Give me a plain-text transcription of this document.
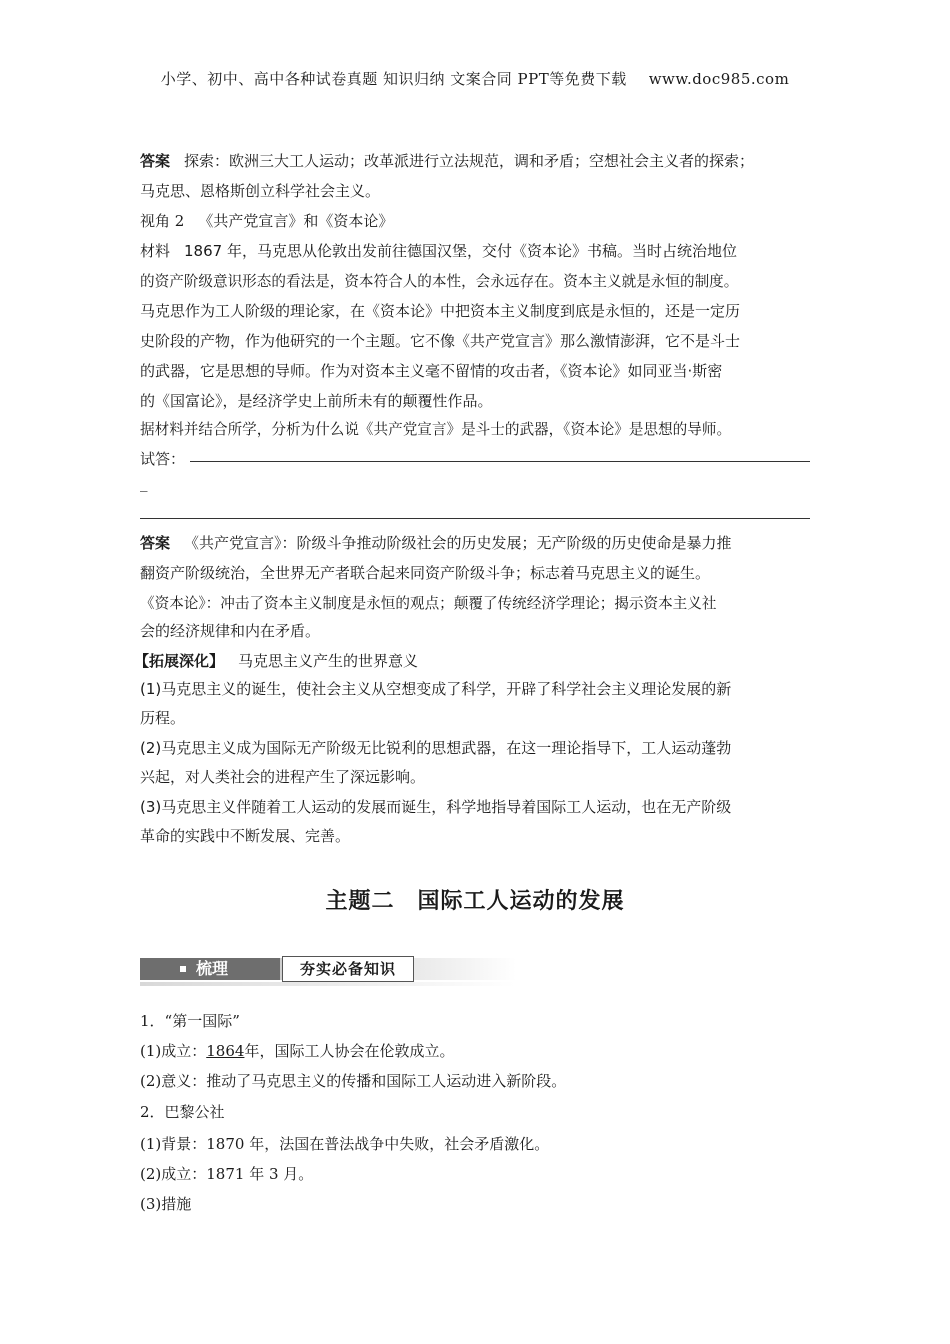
小学、初中、高中各种试卷真题 知识归纳 文案合同 PPT等免费下载 www.doc985.com
答案 探索：欧洲三大工人运动；改革派进行立法规范，调和矛盾；空想社会主义者的探索；
马克思、恩格斯创立科学社会主义。
视角 2 《共产党宣言》和《资本论》
材料 1867 年，马克思从伦敦出发前往德国汉堡，交付《资本论》书稿。当时占统治地位
的资产阶级意识形态的看法是，资本符合人的本性，会永远存在。资本主义就是永恒的制度。
马克思作为工人阶级的理论家，在《资本论》中把资本主义制度到底是永恒的，还是一定历
史阶段的产物，作为他研究的一个主题。它不像《共产党宣言》那么激情澎湃，它不是斗士
的武器，它是思想的导师。作为对资本主义毫不留情的攻击者，《资本论》如同亚当·斯密
的《国富论》，是经济学史上前所未有的颠覆性作品。
据材料并结合所学，分析为什么说《共产党宣言》是斗士的武器，《资本论》是思想的导师。
试答：
_
答案 《共产党宣言》：阶级斗争推动阶级社会的历史发展；无产阶级的历史使命是暴力推
翻资产阶级统治，全世界无产者联合起来同资产阶级斗争；标志着马克思主义的诞生。
《资本论》：冲击了资本主义制度是永恒的观点；颠覆了传统经济学理论；揭示资本主义社
会的经济规律和内在矛盾。
【拓展深化】 马克思主义产生的世界意义
(1)马克思主义的诞生，使社会主义从空想变成了科学，开辟了科学社会主义理论发展的新
历程。
(2)马克思主义成为国际无产阶级无比锐利的思想武器，在这一理论指导下，工人运动蓬勃
兴起，对人类社会的进程产生了深远影响。
(3)马克思主义伴随着工人运动的发展而诞生，科学地指导着国际工人运动，也在无产阶级
革命的实践中不断发展、完善。
主题二　国际工人运动的发展
梳理	夯实必备知识
1．“第一国际”
(1)成立：1864年，国际工人协会在伦敦成立。
(2)意义：推动了马克思主义的传播和国际工人运动进入新阶段。
2．巴黎公社
(1)背景：1870 年，法国在普法战争中失败，社会矛盾激化。
(2)成立：1871 年 3 月。
(3)措施
